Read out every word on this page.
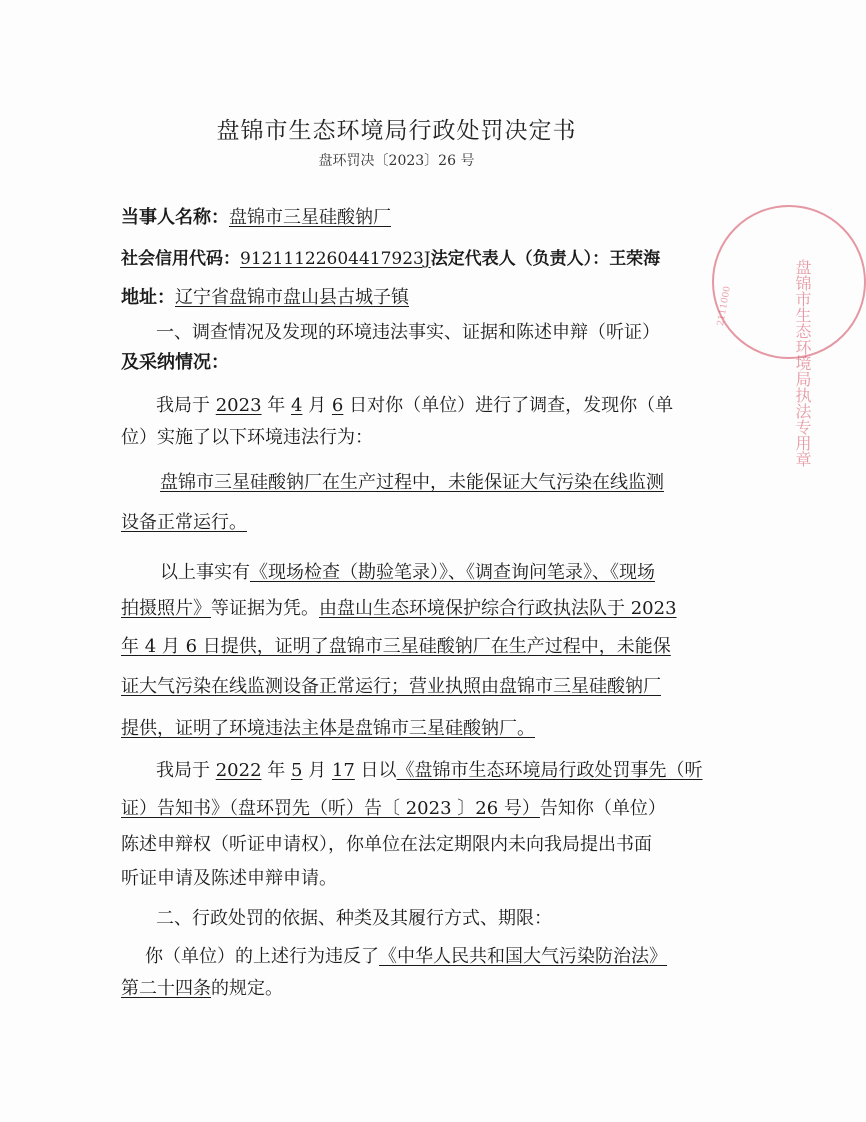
盘锦市生态环境局行政处罚决定书
盘环罚决〔2023〕26 号
当事人名称：盘锦市三星硅酸钠厂
社会信用代码：91211122604417923J法定代表人（负责人）：王荣海
地址：辽宁省盘锦市盘山县古城子镇
一、调查情况及发现的环境违法事实、证据和陈述申辩（听证）
及采纳情况：
我局于 2023 年 4 月 6 日对你（单位）进行了调查，发现你（单
位）实施了以下环境违法行为：
盘锦市三星硅酸钠厂在生产过程中，未能保证大气污染在线监测
设备正常运行。
以上事实有《现场检查（勘验笔录）》、《调查询问笔录》、《现场
拍摄照片》等证据为凭。由盘山生态环境保护综合行政执法队于 2023
年 4 月 6 日提供，证明了盘锦市三星硅酸钠厂在生产过程中，未能保
证大气污染在线监测设备正常运行；营业执照由盘锦市三星硅酸钠厂
提供，证明了环境违法主体是盘锦市三星硅酸钠厂。
我局于 2022 年 5 月 17 日以《盘锦市生态环境局行政处罚事先（听
证）告知书》（盘环罚先（听）告〔 2023 〕26 号）告知你（单位）
陈述申辩权（听证申请权），你单位在法定期限内未向我局提出书面
听证申请及陈述申辩申请。
二、行政处罚的依据、种类及其履行方式、期限：
你（单位）的上述行为违反了《中华人民共和国大气污染防治法》
第二十四条的规定。
盘锦市生态环境局执法专用章
2111000
